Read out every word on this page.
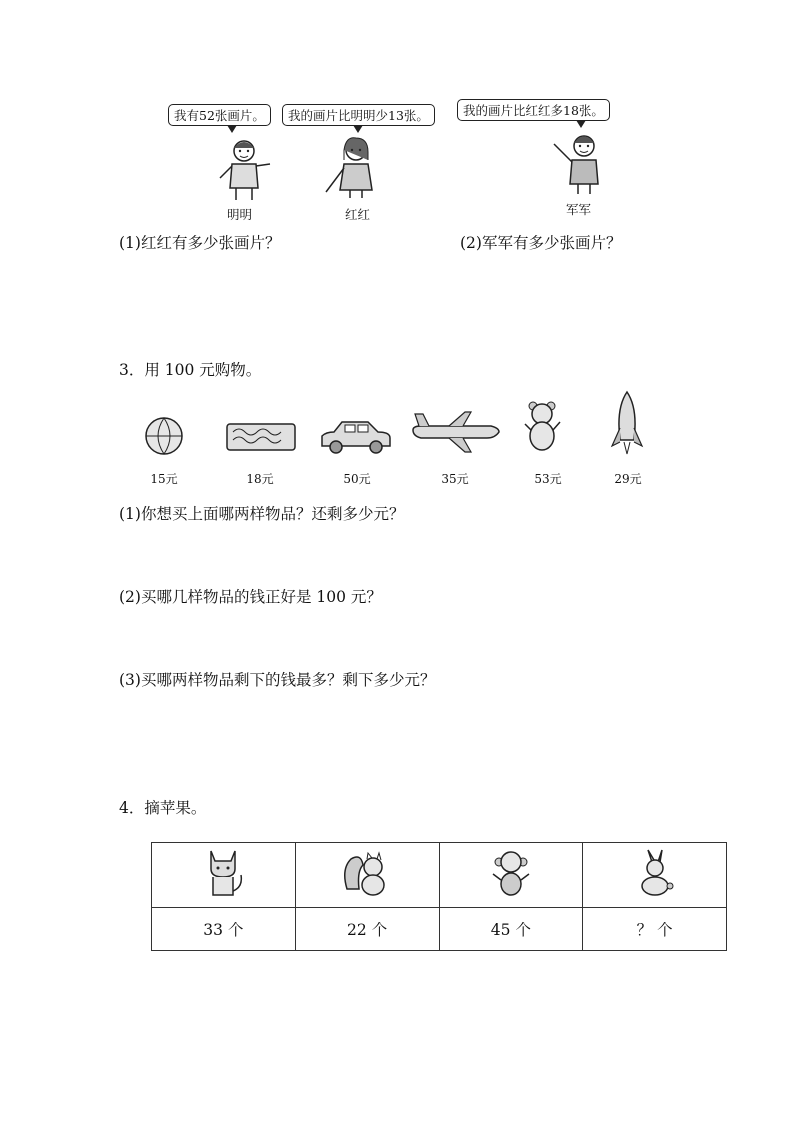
我有52张画片。	我的画片比明明少13张。	我的画片比红红多18张。
明明	红红	军军
(1)红红有多少张画片？	(2)军军有多少张画片？
3．用 100 元购物。
15元	18元	50元	35元	53元	29元
(1)你想买上面哪两样物品？还剩多少元？
(2)买哪几样物品的钱正好是 100 元？
(3)买哪两样物品剩下的钱最多？剩下多少元？
4．摘苹果。

33 个	22 个	45 个	？ 个
